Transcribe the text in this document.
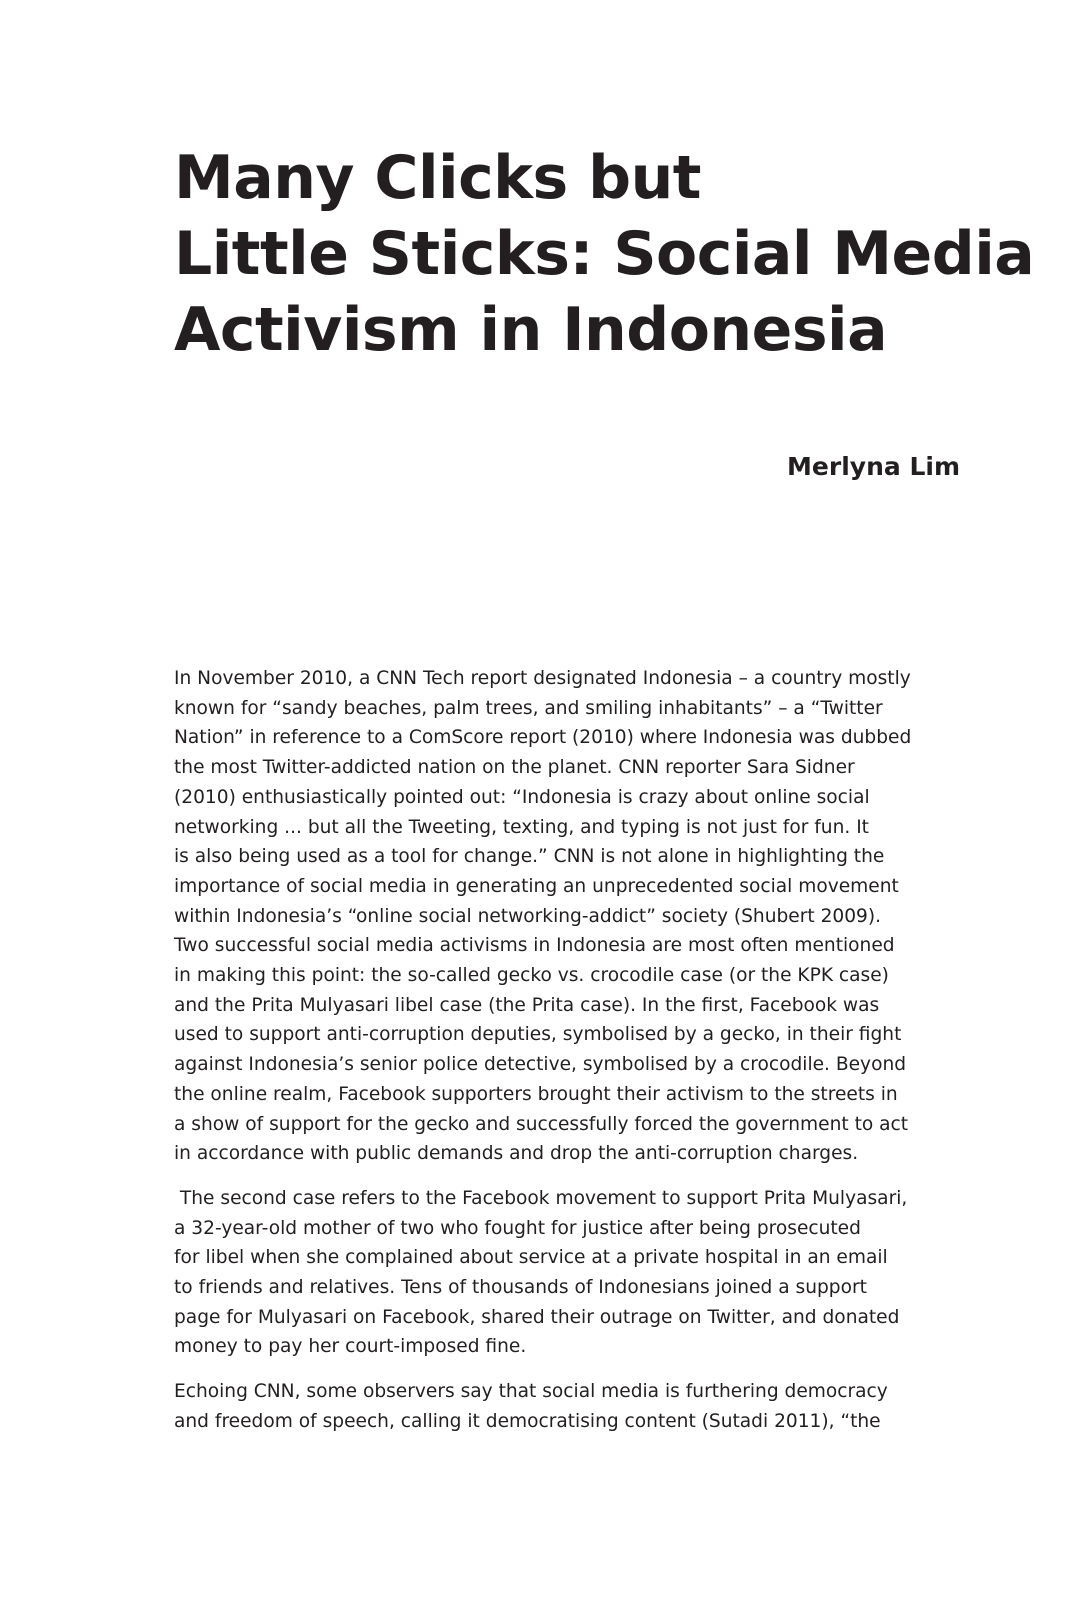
Many Clicks but
Little Sticks: Social Media
Activism in Indonesia

Merlyna Lim

In November 2010, a CNN Tech report designated Indonesia – a country mostly
known for “sandy beaches, palm trees, and smiling inhabitants” – a “Twitter
Nation” in reference to a ComScore report (2010) where Indonesia was dubbed
the most Twitter-addicted nation on the planet. CNN reporter Sara Sidner
(2010) enthusiastically pointed out: “Indonesia is crazy about online social
networking ... but all the Tweeting, texting, and typing is not just for fun. It
is also being used as a tool for change.” CNN is not alone in highlighting the
importance of social media in generating an unprecedented social movement
within Indonesia’s “online social networking-addict” society (Shubert 2009).
Two successful social media activisms in Indonesia are most often mentioned
in making this point: the so-called gecko vs. crocodile case (or the KPK case)
and the Prita Mulyasari libel case (the Prita case). In the first, Facebook was
used to support anti-corruption deputies, symbolised by a gecko, in their fight
against Indonesia’s senior police detective, symbolised by a crocodile. Beyond
the online realm, Facebook supporters brought their activism to the streets in
a show of support for the gecko and successfully forced the government to act
in accordance with public demands and drop the anti-corruption charges.

The second case refers to the Facebook movement to support Prita Mulyasari,
a 32-year-old mother of two who fought for justice after being prosecuted
for libel when she complained about service at a private hospital in an email
to friends and relatives. Tens of thousands of Indonesians joined a support
page for Mulyasari on Facebook, shared their outrage on Twitter, and donated
money to pay her court-imposed fine.

Echoing CNN, some observers say that social media is furthering democracy
and freedom of speech, calling it democratising content (Sutadi 2011), “the
